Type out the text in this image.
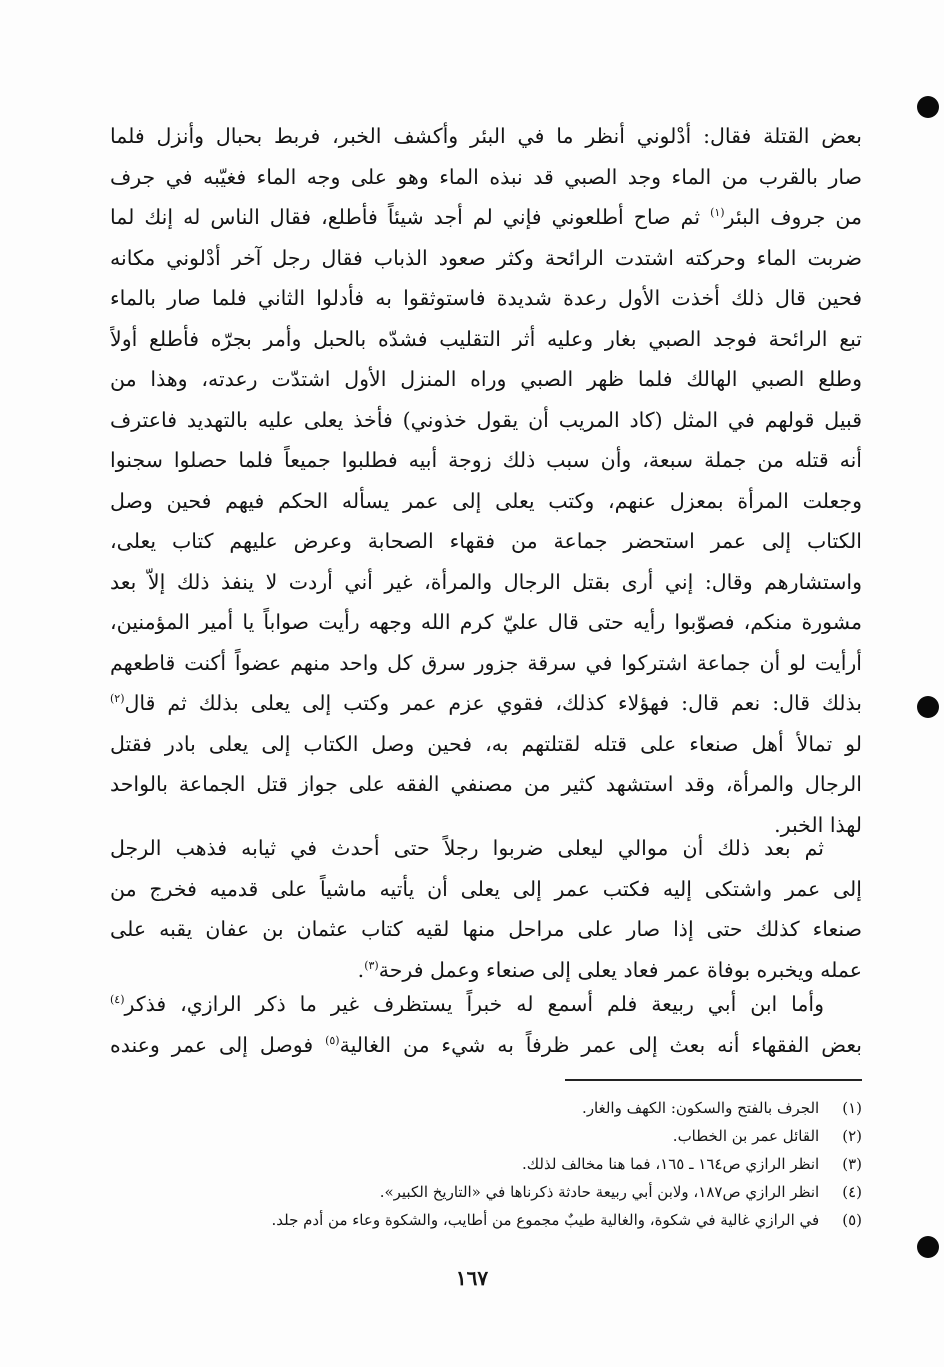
بعض القتلة فقال: أدْلوني أنظر ما في البئر وأكشف الخبر، فربط بحبال وأنزل فلما
صار بالقرب من الماء وجد الصبي قد نبذه الماء وهو على وجه الماء فغيّبه في جرف
من جروف البئر$^{(١)}$ ثم صاح أطلعوني فإني لم أجد شيئاً فأطلع، فقال الناس له إنك لما
ضربت الماء وحركته اشتدت الرائحة وكثر صعود الذباب فقال رجل آخر أدْلوني مكانه
فحين قال ذلك أخذت الأول رعدة شديدة فاستوثقوا به فأدلوا الثاني فلما صار بالماء
تبع الرائحة فوجد الصبي بغار وعليه أثر التقليب فشدّه بالحبل وأمر بجرّه فأطلع أولاً
وطلع الصبي الهالك فلما ظهر الصبي وراه المنزل الأول اشتدّت رعدته، وهذا من
قبيل قولهم في المثل (كاد المريب أن يقول خذوني) فأخذ يعلى عليه بالتهديد فاعترف
أنه قتله من جملة سبعة، وأن سبب ذلك زوجة أبيه فطلبوا جميعاً فلما حصلوا سجنوا
وجعلت المرأة بمعزل عنهم، وكتب يعلى إلى عمر يسأله الحكم فيهم فحين وصل
الكتاب إلى عمر استحضر جماعة من فقهاء الصحابة وعرض عليهم كتاب يعلى،
واستشارهم وقال: إني أرى بقتل الرجال والمرأة، غير أني أردت لا ينفذ ذلك إلاّ بعد
مشورة منكم، فصوّبوا رأيه حتى قال عليّ كرم الله وجهه رأيت صواباً يا أمير المؤمنين،
أرأيت لو أن جماعة اشتركوا في سرقة جزور سرق كل واحد منهم عضواً أكنت قاطعهم
بذلك قال: نعم قال: فهؤلاء كذلك، فقوي عزم عمر وكتب إلى يعلى بذلك ثم قال$^{(٢)}$
لو تمالأ أهل صنعاء على قتله لقتلتهم به، فحين وصل الكتاب إلى يعلى بادر فقتل
الرجال والمرأة، وقد استشهد كثير من مصنفي الفقه على جواز قتل الجماعة بالواحد
لهذا الخبر.
ثم بعد ذلك أن موالي ليعلى ضربوا رجلاً حتى أحدث في ثيابه فذهب الرجل
إلى عمر واشتكى إليه فكتب عمر إلى يعلى أن يأتيه ماشياً على قدميه فخرج من
صنعاء كذلك حتى إذا صار على مراحل منها لقيه كتاب عثمان بن عفان يقبه على
عمله ويخبره بوفاة عمر فعاد يعلى إلى صنعاء وعمل فرحة$^{(٣)}$.
وأما ابن أبي ربيعة فلم أسمع له خبراً يستظرف غير ما ذكر الرازي، فذكر$^{(٤)}$
بعض الفقهاء أنه بعث إلى عمر ظرفاً به شيء من الغالية$^{(٥)}$ فوصل إلى عمر وعنده
(١) الجرف بالفتح والسكون: الكهف والغار.
(٢) القائل عمر بن الخطاب.
(٣) انظر الرازي ص١٦٤ ـ ١٦٥، فما هنا مخالف لذلك.
(٤) انظر الرازي ص١٨٧، ولابن أبي ربيعة حادثة ذكرناها في «التاريخ الكبير».
(٥) في الرازي غالية في شكوة، والغالية طيبٌ مجموع من أطايب، والشكوة وعاء من أدم جلد.
١٦٧
